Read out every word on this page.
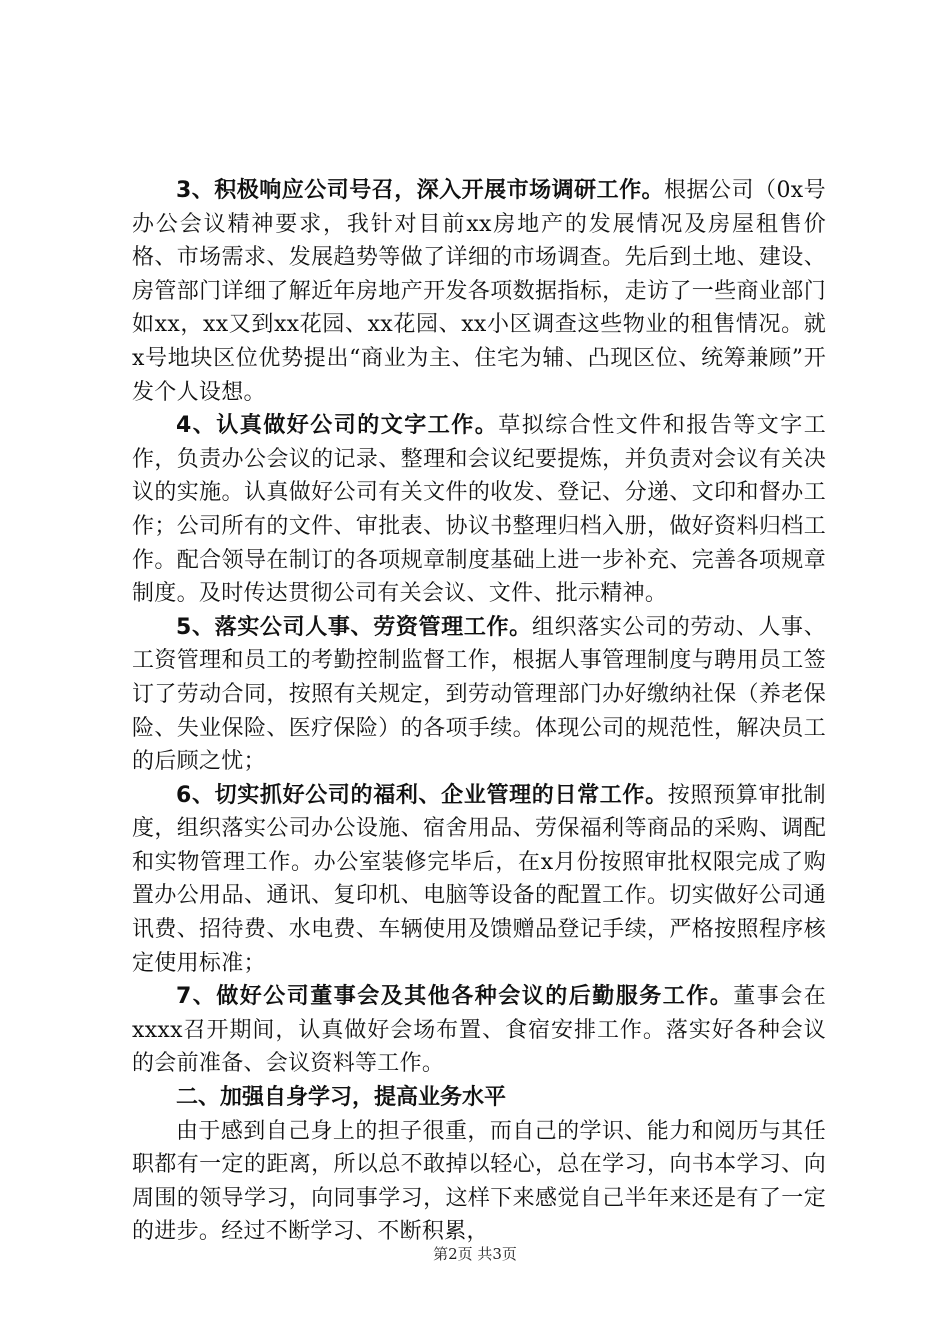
3、积极响应公司号召，深入开展市场调研工作。根据公司（0x号办公会议精神要求，我针对目前xx房地产的发展情况及房屋租售价格、市场需求、发展趋势等做了详细的市场调查。先后到土地、建设、房管部门详细了解近年房地产开发各项数据指标，走访了一些商业部门如xx，xx又到xx花园、xx花园、xx小区调查这些物业的租售情况。就x号地块区位优势提出“商业为主、住宅为辅、凸现区位、统筹兼顾”开发个人设想。

4、认真做好公司的文字工作。草拟综合性文件和报告等文字工作，负责办公会议的记录、整理和会议纪要提炼，并负责对会议有关决议的实施。认真做好公司有关文件的收发、登记、分递、文印和督办工作；公司所有的文件、审批表、协议书整理归档入册，做好资料归档工作。配合领导在制订的各项规章制度基础上进一步补充、完善各项规章制度。及时传达贯彻公司有关会议、文件、批示精神。

5、落实公司人事、劳资管理工作。组织落实公司的劳动、人事、工资管理和员工的考勤控制监督工作，根据人事管理制度与聘用员工签订了劳动合同，按照有关规定，到劳动管理部门办好缴纳社保（养老保险、失业保险、医疗保险）的各项手续。体现公司的规范性，解决员工的后顾之忧；

6、切实抓好公司的福利、企业管理的日常工作。按照预算审批制度，组织落实公司办公设施、宿舍用品、劳保福利等商品的采购、调配和实物管理工作。办公室装修完毕后，在x月份按照审批权限完成了购置办公用品、通讯、复印机、电脑等设备的配置工作。切实做好公司通讯费、招待费、水电费、车辆使用及馈赠品登记手续，严格按照程序核定使用标准；

7、做好公司董事会及其他各种会议的后勤服务工作。董事会在xxxx召开期间，认真做好会场布置、食宿安排工作。落实好各种会议的会前准备、会议资料等工作。

二、加强自身学习，提高业务水平

由于感到自己身上的担子很重，而自己的学识、能力和阅历与其任职都有一定的距离，所以总不敢掉以轻心，总在学习，向书本学习、向周围的领导学习，向同事学习，这样下来感觉自己半年来还是有了一定的进步。经过不断学习、不断积累，

第2页 共3页
